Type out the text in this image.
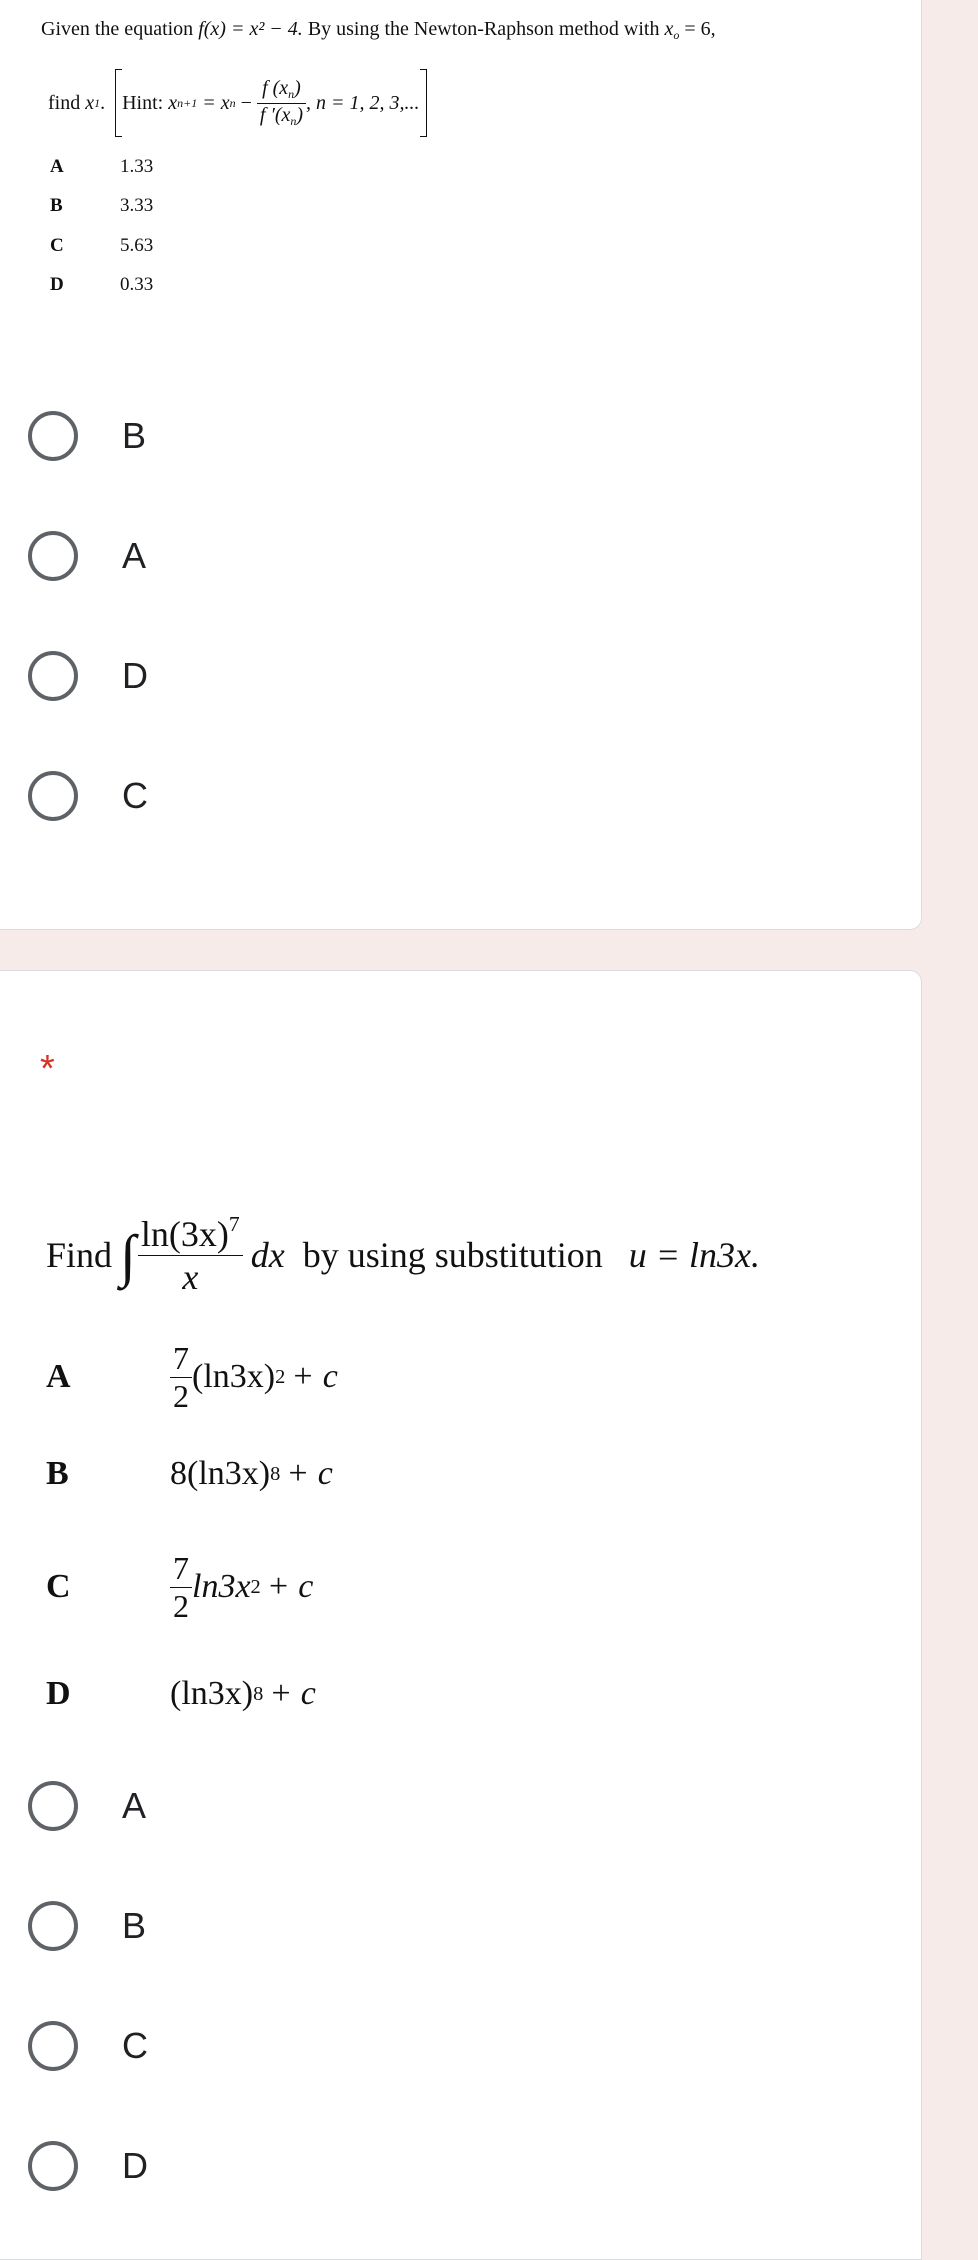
Given the equation f(x) = x² − 4. By using the Newton-Raphson method with $x_o = 6$,
find
x 1 .
Hint:
x n+1
= x n
−
$\frac{f (x_n)}{f '(x_n)}$ , n = 1, 2, 3,...
A	1.33
B	3.33
C	5.63
D	0.33
B
A
D
C
*
Find ∫ $\frac{\ln(3x)^7}{x}$ dx by using substitution u = ln3x.
A	$\frac{7}{2} (\ln 3x) 2 + c$
B	8(ln3x) 8 + c
C	$\frac{7}{2} \ln 3x$ 2 + c
D	(ln3x) 8 + c
A
B
C
D
